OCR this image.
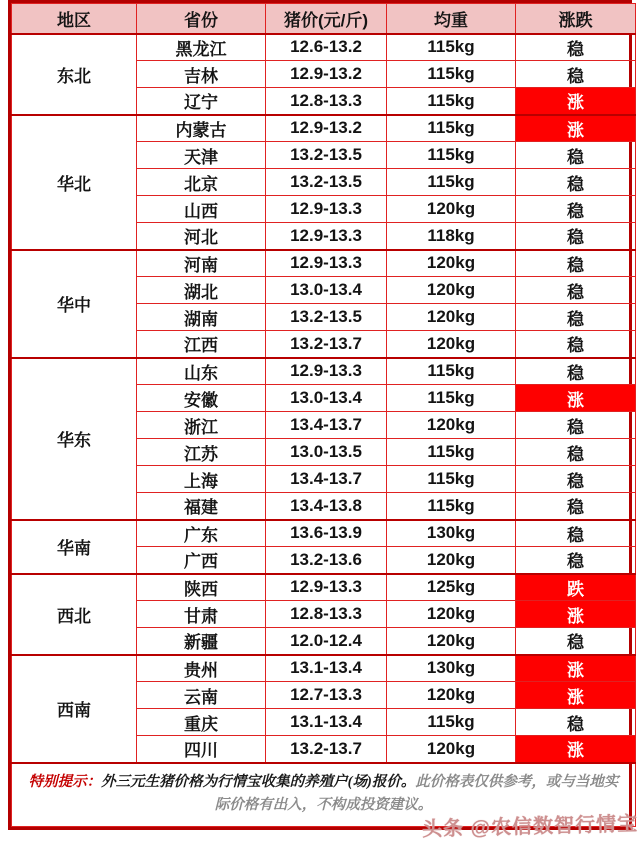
地区	省份	猪价(元/斤)	均重	涨跌
东北	黑龙江	12.6-13.2	115kg	稳
	吉林	12.9-13.2	115kg	稳
	辽宁	12.8-13.3	115kg	涨
华北	内蒙古	12.9-13.2	115kg	涨
	天津	13.2-13.5	115kg	稳
	北京	13.2-13.5	115kg	稳
	山西	12.9-13.3	120kg	稳
	河北	12.9-13.3	118kg	稳
华中	河南	12.9-13.3	120kg	稳
	湖北	13.0-13.4	120kg	稳
	湖南	13.2-13.5	120kg	稳
	江西	13.2-13.7	120kg	稳
华东	山东	12.9-13.3	115kg	稳
	安徽	13.0-13.4	115kg	涨
	浙江	13.4-13.7	120kg	稳
	江苏	13.0-13.5	115kg	稳
	上海	13.4-13.7	115kg	稳
	福建	13.4-13.8	115kg	稳
华南	广东	13.6-13.9	130kg	稳
	广西	13.2-13.6	120kg	稳
西北	陕西	12.9-13.3	125kg	跌
	甘肃	12.8-13.3	120kg	涨
	新疆	12.0-12.4	120kg	稳
西南	贵州	13.1-13.4	130kg	涨
	云南	12.7-13.3	120kg	涨
	重庆	13.1-13.4	115kg	稳
	四川	13.2-13.7	120kg	涨
特别提示：外三元生猪价格为行情宝收集的养殖户(场)报价。此价格表仅供参考，或与当地实际价格有出入，不构成投资建议。				
头条 @农信数智行情宝
